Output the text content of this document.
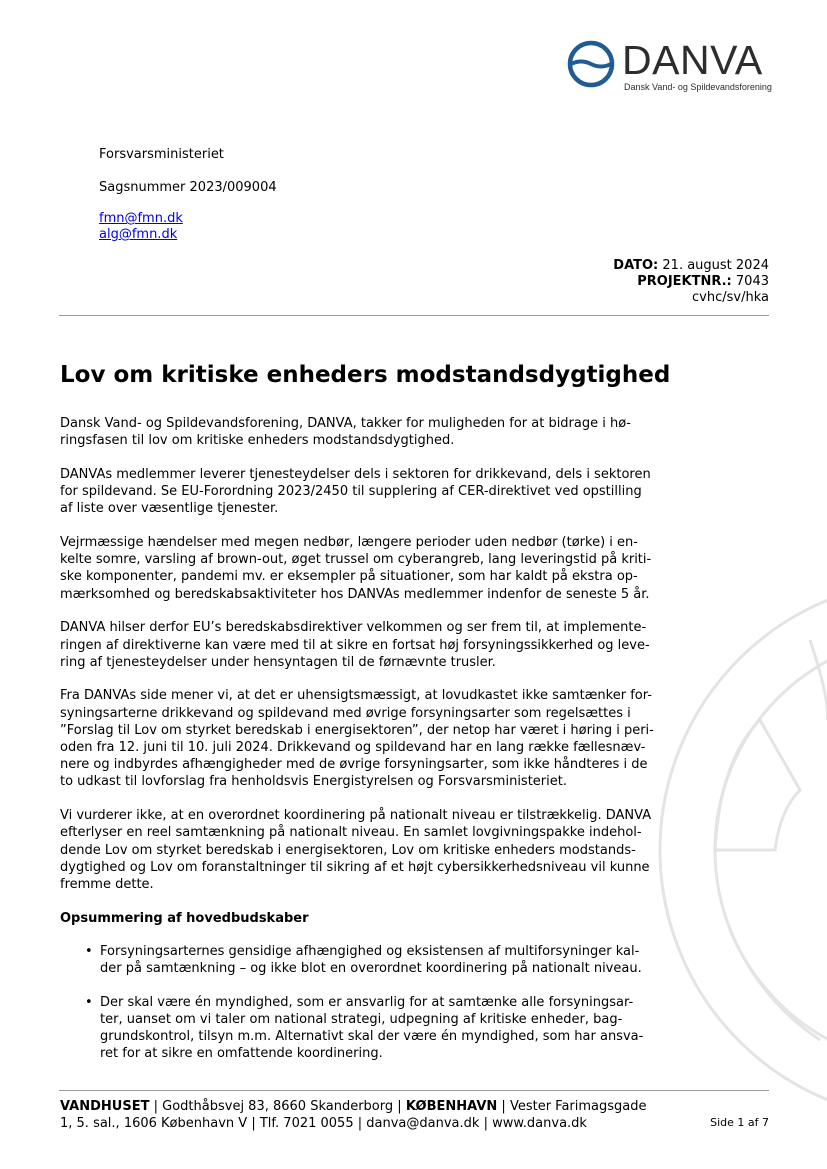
DANVA
Dansk Vand- og Spildevandsforening
Forsvarsministeriet
Sagsnummer 2023/009004
fmn@fmn.dk
alg@fmn.dk
DATO: 21. august 2024
PROJEKTNR.: 7043
cvhc/sv/hka
Lov om kritiske enheders modstandsdygtighed

Dansk Vand- og Spildevandsforening, DANVA, takker for muligheden for at bidrage i hø-
ringsfasen til lov om kritiske enheders modstandsdygtighed.

DANVAs medlemmer leverer tjenesteydelser dels i sektoren for drikkevand, dels i sektoren
for spildevand. Se EU-Forordning 2023/2450 til supplering af CER-direktivet ved opstilling
af liste over væsentlige tjenester.

Vejrmæssige hændelser med megen nedbør, længere perioder uden nedbør (tørke) i en-
kelte somre, varsling af brown-out, øget trussel om cyberangreb, lang leveringstid på kriti-
ske komponenter, pandemi mv. er eksempler på situationer, som har kaldt på ekstra op-
mærksomhed og beredskabsaktiviteter hos DANVAs medlemmer indenfor de seneste 5 år.

DANVA hilser derfor EU’s beredskabsdirektiver velkommen og ser frem til, at implemente-
ringen af direktiverne kan være med til at sikre en fortsat høj forsyningssikkerhed og leve-
ring af tjenesteydelser under hensyntagen til de førnævnte trusler.

Fra DANVAs side mener vi, at det er uhensigtsmæssigt, at lovudkastet ikke samtænker for-
syningsarterne drikkevand og spildevand med øvrige forsyningsarter som regelsættes i
”Forslag til Lov om styrket beredskab i energisektoren”, der netop har været i høring i peri-
oden fra 12. juni til 10. juli 2024. Drikkevand og spildevand har en lang række fællesnæv-
nere og indbyrdes afhængigheder med de øvrige forsyningsarter, som ikke håndteres i de
to udkast til lovforslag fra henholdsvis Energistyrelsen og Forsvarsministeriet.

Vi vurderer ikke, at en overordnet koordinering på nationalt niveau er tilstrækkelig. DANVA
efterlyser en reel samtænkning på nationalt niveau. En samlet lovgivningspakke indehol-
dende Lov om styrket beredskab i energisektoren, Lov om kritiske enheders modstands-
dygtighed og Lov om foranstaltninger til sikring af et højt cybersikkerhedsniveau vil kunne
fremme dette.

Opsummering af hovedbudskaber
• Forsyningsarternes gensidige afhængighed og eksistensen af multiforsyninger kal-
der på samtænkning – og ikke blot en overordnet koordinering på nationalt niveau.
• Der skal være én myndighed, som er ansvarlig for at samtænke alle forsyningsar-
ter, uanset om vi taler om national strategi, udpegning af kritiske enheder, bag-
grundskontrol, tilsyn m.m. Alternativt skal der være én myndighed, som har ansva-
ret for at sikre en omfattende koordinering.
VANDHUSET | Godthåbsvej 83, 8660 Skanderborg | KØBENHAVN | Vester Farimagsgade
1, 5. sal., 1606 København V | Tlf. 7021 0055 | danva@danva.dk | www.danva.dk	Side 1 af 7
